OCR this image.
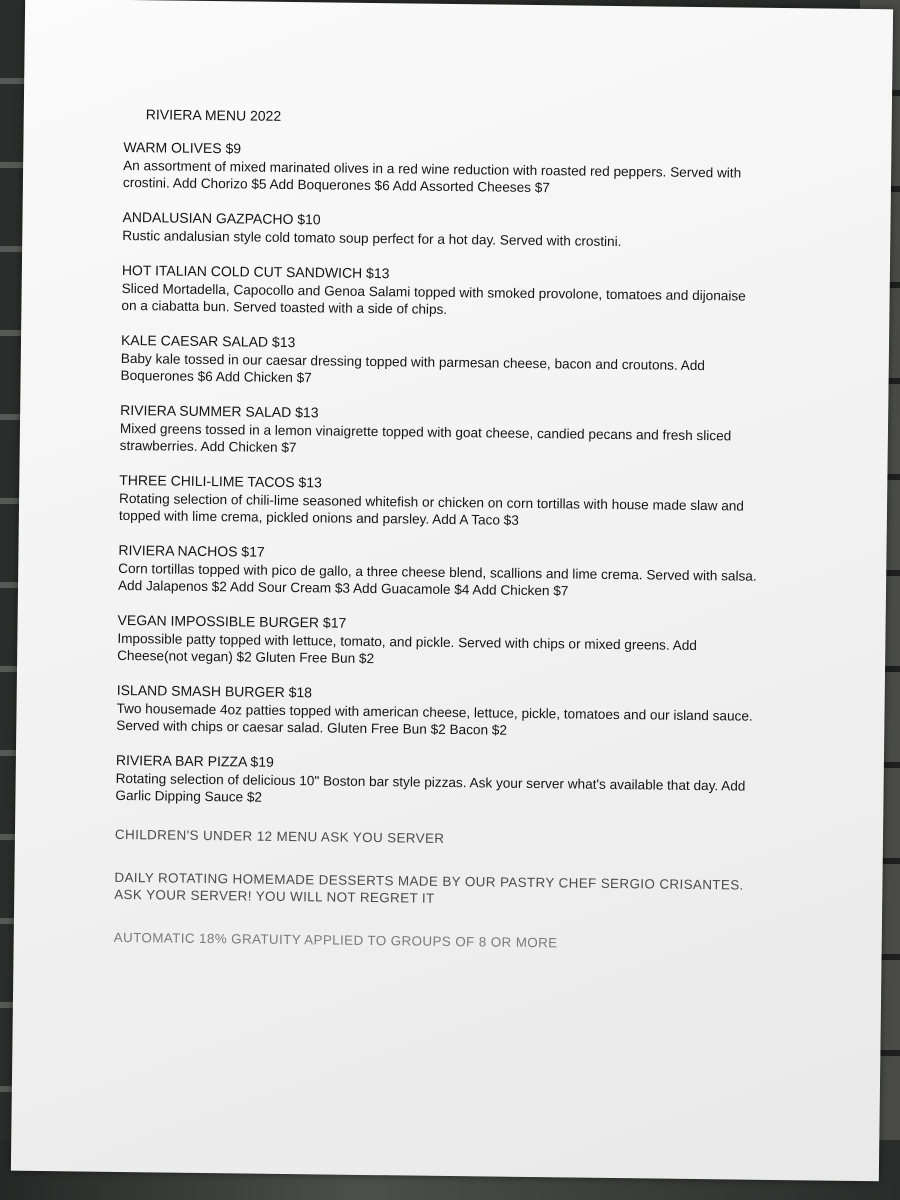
RIVIERA MENU 2022
WARM OLIVES $9
An assortment of mixed marinated olives in a red wine reduction with roasted red peppers. Served with crostini. Add Chorizo $5 Add Boquerones $6 Add Assorted Cheeses $7
ANDALUSIAN GAZPACHO $10
Rustic andalusian style cold tomato soup perfect for a hot day. Served with crostini.
HOT ITALIAN COLD CUT SANDWICH $13
Sliced Mortadella, Capocollo and Genoa Salami topped with smoked provolone, tomatoes and dijonaise on a ciabatta bun. Served toasted with a side of chips.
KALE CAESAR SALAD $13
Baby kale tossed in our caesar dressing topped with parmesan cheese, bacon and croutons. Add Boquerones $6 Add Chicken $7
RIVIERA SUMMER SALAD $13
Mixed greens tossed in a lemon vinaigrette topped with goat cheese, candied pecans and fresh sliced strawberries. Add Chicken $7
THREE CHILI-LIME TACOS $13
Rotating selection of chili-lime seasoned whitefish or chicken on corn tortillas with house made slaw and topped with lime crema, pickled onions and parsley. Add A Taco $3
RIVIERA NACHOS $17
Corn tortillas topped with pico de gallo, a three cheese blend, scallions and lime crema. Served with salsa. Add Jalapenos $2 Add Sour Cream $3 Add Guacamole $4 Add Chicken $7
VEGAN IMPOSSIBLE BURGER $17
Impossible patty topped with lettuce, tomato, and pickle. Served with chips or mixed greens. Add Cheese(not vegan) $2 Gluten Free Bun $2
ISLAND SMASH BURGER $18
Two housemade 4oz patties topped with american cheese, lettuce, pickle, tomatoes and our island sauce. Served with chips or caesar salad. Gluten Free Bun $2 Bacon $2
RIVIERA BAR PIZZA $19
Rotating selection of delicious 10" Boston bar style pizzas. Ask your server what's available that day. Add Garlic Dipping Sauce $2
CHILDREN'S UNDER 12 MENU ASK YOU SERVER
DAILY ROTATING HOMEMADE DESSERTS MADE BY OUR PASTRY CHEF SERGIO CRISANTES. ASK YOUR SERVER! YOU WILL NOT REGRET IT
AUTOMATIC 18% GRATUITY APPLIED TO GROUPS OF 8 OR MORE
